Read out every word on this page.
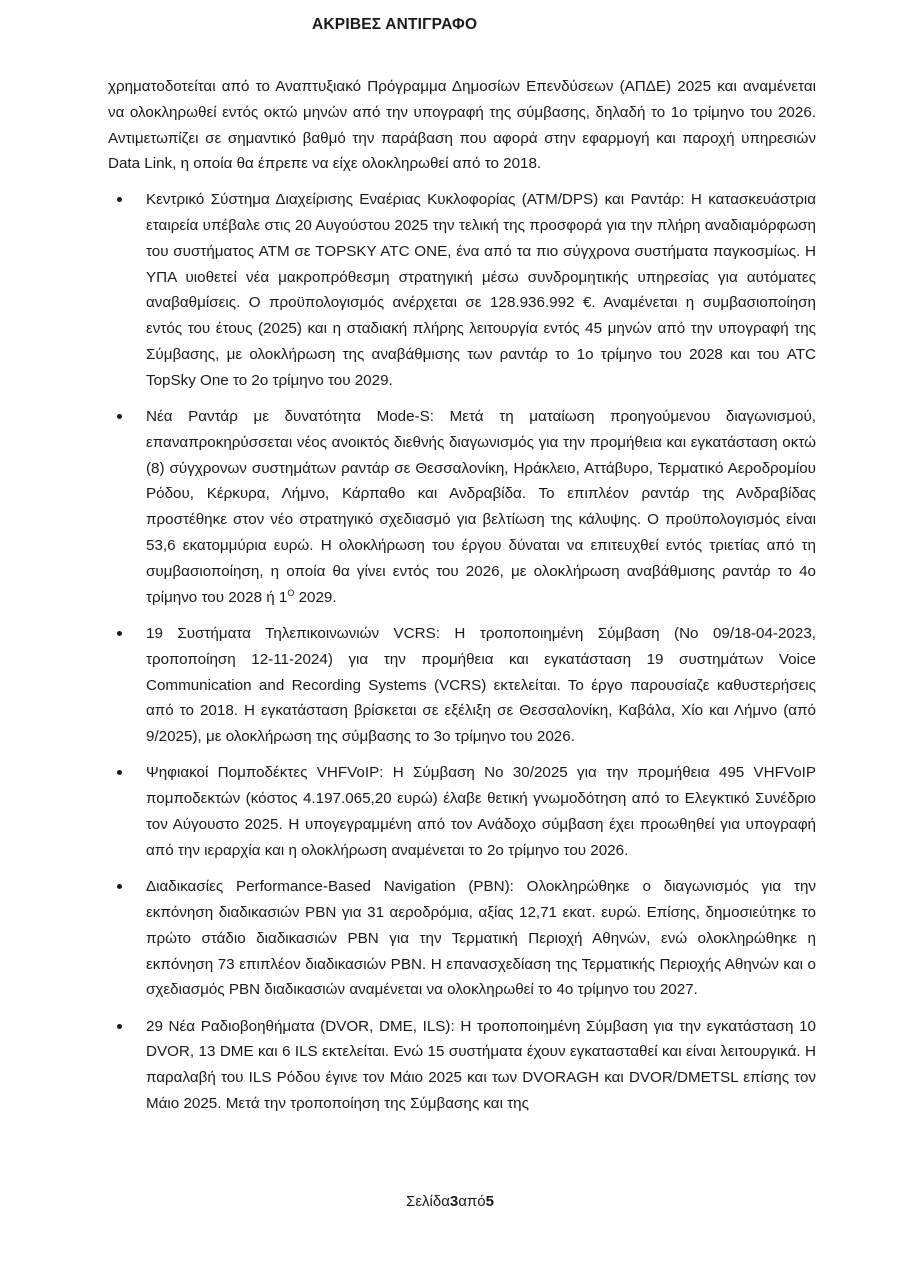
ΑΚΡΙΒΕΣ ΑΝΤΙΓΡΑΦΟ

χρηματοδοτείται από το Αναπτυξιακό Πρόγραμμα Δημοσίων Επενδύσεων (ΑΠΔΕ) 2025 και αναμένεται να ολοκληρωθεί εντός οκτώ μηνών από την υπογραφή της σύμβασης, δηλαδή το 1ο τρίμηνο του 2026. Αντιμετωπίζει σε σημαντικό βαθμό την παράβαση που αφορά στην εφαρμογή και παροχή υπηρεσιών Data Link, η οποία θα έπρεπε να είχε ολοκληρωθεί από το 2018.

Κεντρικό Σύστημα Διαχείρισης Εναέριας Κυκλοφορίας (ATM/DPS) και Ραντάρ: Η κατασκευάστρια εταιρεία υπέβαλε στις 20 Αυγούστου 2025 την τελική της προσφορά για την πλήρη αναδιαμόρφωση του συστήματος ATM σε TOPSKY ATC ONE, ένα από τα πιο σύγχρονα συστήματα παγκοσμίως. Η ΥΠΑ υιοθετεί νέα μακροπρόθεσμη στρατηγική μέσω συνδρομητικής υπηρεσίας για αυτόματες αναβαθμίσεις. Ο προϋπολογισμός ανέρχεται σε 128.936.992 €. Αναμένεται η συμβασιοποίηση εντός του έτους (2025) και η σταδιακή πλήρης λειτουργία εντός 45 μηνών από την υπογραφή της Σύμβασης, με ολοκλήρωση της αναβάθμισης των ραντάρ το 1ο τρίμηνο του 2028 και του ATC TopSky One το 2ο τρίμηνο του 2029.
Νέα Ραντάρ με δυνατότητα Mode-S: Μετά τη ματαίωση προηγούμενου διαγωνισμού, επαναπροκηρύσσεται νέος ανοικτός διεθνής διαγωνισμός για την προμήθεια και εγκατάσταση οκτώ (8) σύγχρονων συστημάτων ραντάρ σε Θεσσαλονίκη, Ηράκλειο, Αττάβυρο, Τερματικό Αεροδρομίου Ρόδου, Κέρκυρα, Λήμνο, Κάρπαθο και Ανδραβίδα. Το επιπλέον ραντάρ της Ανδραβίδας προστέθηκε στον νέο στρατηγικό σχεδιασμό για βελτίωση της κάλυψης. Ο προϋπολογισμός είναι 53,6 εκατομμύρια ευρώ. Η ολοκλήρωση του έργου δύναται να επιτευχθεί εντός τριετίας από τη συμβασιοποίηση, η οποία θα γίνει εντός του 2026, με ολοκλήρωση αναβάθμισης ραντάρ το 4ο τρίμηνο του 2028 ή $1^O$ 2029.
19 Συστήματα Τηλεπικοινωνιών VCRS: Η τροποποιημένη Σύμβαση (Νο 09/18-04-2023, τροποποίηση 12-11-2024) για την προμήθεια και εγκατάσταση 19 συστημάτων Voice Communication and Recording Systems (VCRS) εκτελείται. Το έργο παρουσίαζε καθυστερήσεις από το 2018. Η εγκατάσταση βρίσκεται σε εξέλιξη σε Θεσσαλονίκη, Καβάλα, Χίο και Λήμνο (από 9/2025), με ολοκλήρωση της σύμβασης το 3ο τρίμηνο του 2026.
Ψηφιακοί Πομποδέκτες VHFVoIP: Η Σύμβαση Νο 30/2025 για την προμήθεια 495 VHFVoIP πομποδεκτών (κόστος 4.197.065,20 ευρώ) έλαβε θετική γνωμοδότηση από το Ελεγκτικό Συνέδριο τον Αύγουστο 2025. Η υπογεγραμμένη από τον Ανάδοχο σύμβαση έχει προωθηθεί για υπογραφή από την ιεραρχία και η ολοκλήρωση αναμένεται το 2ο τρίμηνο του 2026.
Διαδικασίες Performance-Based Navigation (PBN): Ολοκληρώθηκε ο διαγωνισμός για την εκπόνηση διαδικασιών PBN για 31 αεροδρόμια, αξίας 12,71 εκατ. ευρώ. Επίσης, δημοσιεύτηκε το πρώτο στάδιο διαδικασιών PBN για την Τερματική Περιοχή Αθηνών, ενώ ολοκληρώθηκε η εκπόνηση 73 επιπλέον διαδικασιών PBN. Η επανασχεδίαση της Τερματικής Περιοχής Αθηνών και ο σχεδιασμός PBN διαδικασιών αναμένεται να ολοκληρωθεί το 4ο τρίμηνο του 2027.
29 Νέα Ραδιοβοηθήματα (DVOR, DME, ILS): Η τροποποιημένη Σύμβαση για την εγκατάσταση 10 DVOR, 13 DME και 6 ILS εκτελείται. Ενώ 15 συστήματα έχουν εγκατασταθεί και είναι λειτουργικά. Η παραλαβή του ILS Ρόδου έγινε τον Μάιο 2025 και των DVORAGH και DVOR/DMETSL επίσης τον Μάιο 2025. Μετά την τροποποίηση της Σύμβασης και της
Σελίδα3από5
